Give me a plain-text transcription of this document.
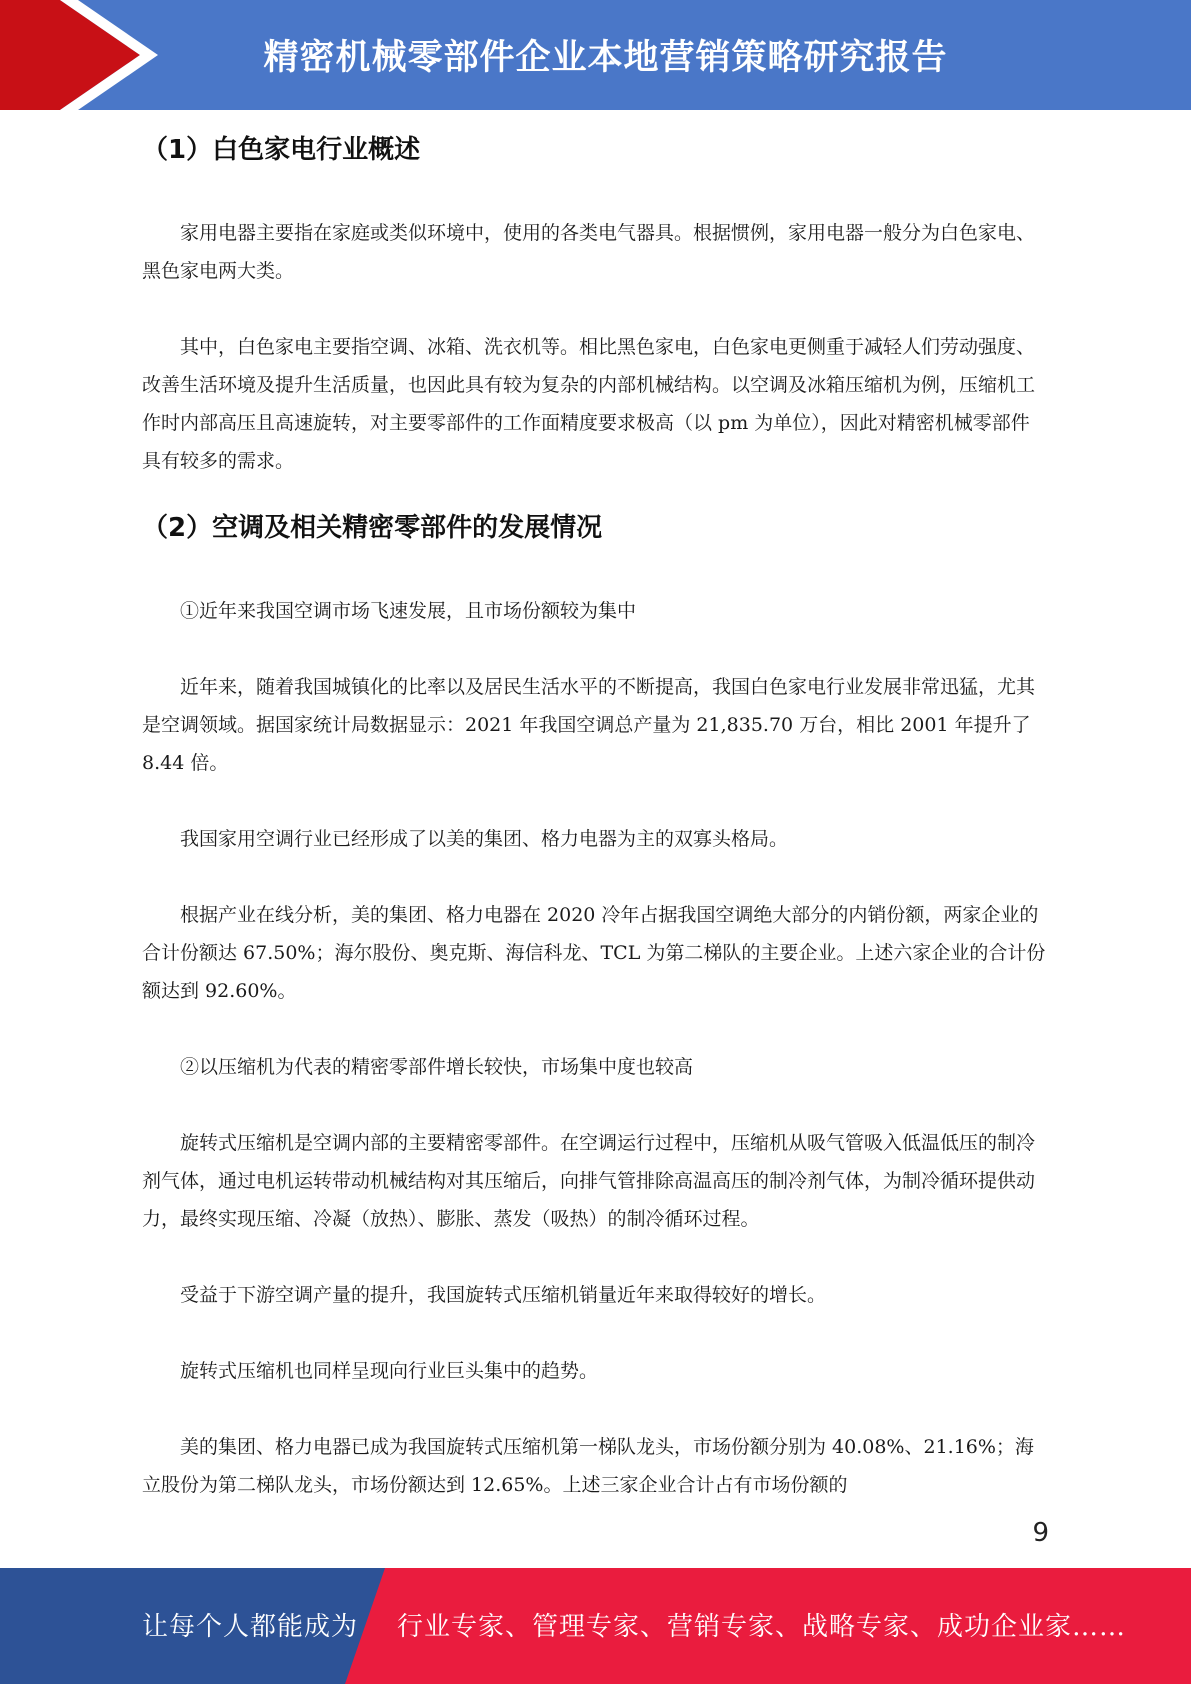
精密机械零部件企业本地营销策略研究报告
（1）白色家电行业概述

家用电器主要指在家庭或类似环境中，使用的各类电气器具。根据惯例，家用电器一般分为白色家电、黑色家电两大类。

其中，白色家电主要指空调、冰箱、洗衣机等。相比黑色家电，白色家电更侧重于减轻人们劳动强度、改善生活环境及提升生活质量，也因此具有较为复杂的内部机械结构。以空调及冰箱压缩机为例，压缩机工作时内部高压且高速旋转，对主要零部件的工作面精度要求极高（以 pm 为单位），因此对精密机械零部件具有较多的需求。

（2）空调及相关精密零部件的发展情况

①近年来我国空调市场飞速发展，且市场份额较为集中

近年来，随着我国城镇化的比率以及居民生活水平的不断提高，我国白色家电行业发展非常迅猛，尤其是空调领域。据国家统计局数据显示：2021 年我国空调总产量为 21,835.70 万台，相比 2001 年提升了 8.44 倍。

我国家用空调行业已经形成了以美的集团、格力电器为主的双寡头格局。

根据产业在线分析，美的集团、格力电器在 2020 冷年占据我国空调绝大部分的内销份额，两家企业的合计份额达 67.50%；海尔股份、奥克斯、海信科龙、TCL 为第二梯队的主要企业。上述六家企业的合计份额达到 92.60%。

②以压缩机为代表的精密零部件增长较快，市场集中度也较高

旋转式压缩机是空调内部的主要精密零部件。在空调运行过程中，压缩机从吸气管吸入低温低压的制冷剂气体，通过电机运转带动机械结构对其压缩后，向排气管排除高温高压的制冷剂气体，为制冷循环提供动力，最终实现压缩、冷凝（放热）、膨胀、蒸发（吸热）的制冷循环过程。

受益于下游空调产量的提升，我国旋转式压缩机销量近年来取得较好的增长。

旋转式压缩机也同样呈现向行业巨头集中的趋势。

美的集团、格力电器已成为我国旋转式压缩机第一梯队龙头，市场份额分别为 40.08%、21.16%；海立股份为第二梯队龙头，市场份额达到 12.65%。上述三家企业合计占有市场份额的

9
让每个人都能成为 行业专家、管理专家、营销专家、战略专家、成功企业家……
